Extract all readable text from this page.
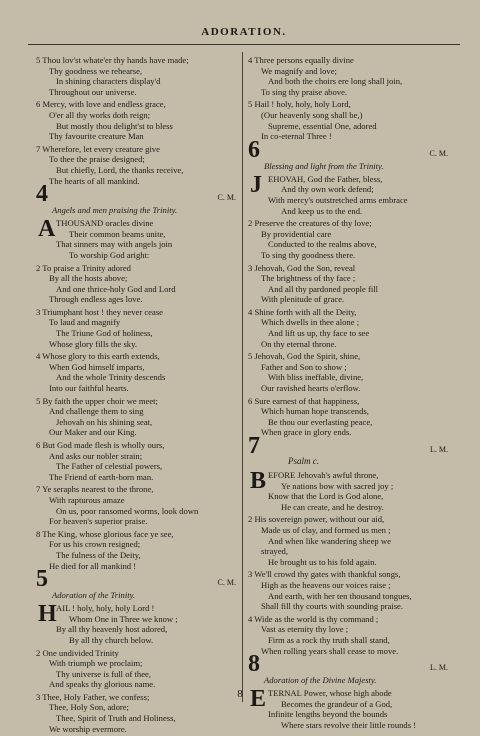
ADORATION.
5 Thou lov'st whate'er thy hands have made;
Thy goodness we rehearse,
In shining characters display'd
Throughout our universe.
6 Mercy, with love and endless grace,
O'er all thy works doth reign;
But mostly thou delight'st to bless
Thy favourite creature Man
7 Wherefore, let every creature give
To thee the praise designed;
But chiefly, Lord, the thanks receive,
The hearts of all mankind.
4	C. M.
Angels and men praising the Trinity.
A THOUSAND oracles divine
Their common beams unite,
That sinners may with angels join
To worship God aright:
2 To praise a Trinity adored
By all the hosts above;
And one thrice-holy God and Lord
Through endless ages love.
3 Triumphant host ! they never cease
To laud and magnify
The Triune God of holiness,
Whose glory fills the sky.
4 Whose glory to this earth extends,
When God himself imparts,
And the whole Trinity descends
Into our faithful hearts.
5 By faith the upper choir we meet;
And challenge them to sing
Jehovah on his shining seat,
Our Maker and our King.
6 But God made flesh is wholly ours,
And asks our nobler strain;
The Father of celestial powers,
The Friend of earth-born man.
7 Ye seraphs nearest to the throne,
With rapturous amaze
On us, poor ransomed worms, look down
For heaven's superior praise.
8 The King, whose glorious face ye see,
For us his crown resigned;
The fulness of the Deity,
He died for all mankind !
5	C. M.
Adoration of the Trinity.
H AIL ! holy, holy, holy Lord !
Whom One in Three we know ;
By all thy heavenly host adored,
By all thy church below.
2 One undivided Trinity
With triumph we proclaim;
Thy universe is full of thee,
And speaks thy glorious name.
3 Thee, Holy Father, we confess;
Thee, Holy Son, adore;
Thee, Spirit of Truth and Holiness,
We worship evermore.
4 Three persons equally divine
We magnify and love;
And both the choirs ere long shall join,
To sing thy praise above.
5 Hail ! holy, holy, holy Lord,
(Our heavenly song shall be,)
Supreme, essential One, adored
In co-eternal Three !
6	C. M.
Blessing and light from the Trinity.
J EHOVAH, God the Father, bless,
And thy own work defend;
With mercy's outstretched arms embrace
And keep us to the end.
2 Preserve the creatures of thy love;
By providential care
Conducted to the realms above,
To sing thy goodness there.
3 Jehovah, God the Son, reveal
The brightness of thy face ;
And all thy pardoned people fill
With plenitude of grace.
4 Shine forth with all the Deity,
Which dwells in thee alone ;
And lift us up, thy face to see
On thy eternal throne.
5 Jehovah, God the Spirit, shine,
Father and Son to show ;
With bliss ineffable, divine,
Our ravished hearts o'erflow.
6 Sure earnest of that happiness,
Which human hope transcends,
Be thou our everlasting peace,
When grace in glory ends.
7	L. M.
Psalm c.
B EFORE Jehovah's awful throne,
Ye nations bow with sacred joy ;
Know that the Lord is God alone,
He can create, and he destroy.
2 His sovereign power, without our aid,
Made us of clay, and formed us men ;
And when like wandering sheep we
strayed,
He brought us to his fold again.
3 We'll crowd thy gates with thankful songs,
High as the heavens our voices raise ;
And earth, with her ten thousand tongues,
Shall fill thy courts with sounding praise.
4 Wide as the world is thy command ;
Vast as eternity thy love ;
Firm as a rock thy truth shall stand,
When rolling years shall cease to move.
8	L. M.
Adoration of the Divine Majesty.
E TERNAL Power, whose high abode
Becomes the grandeur of a God,
Infinite lengths beyond the bounds
Where stars revolve their little rounds !
8
